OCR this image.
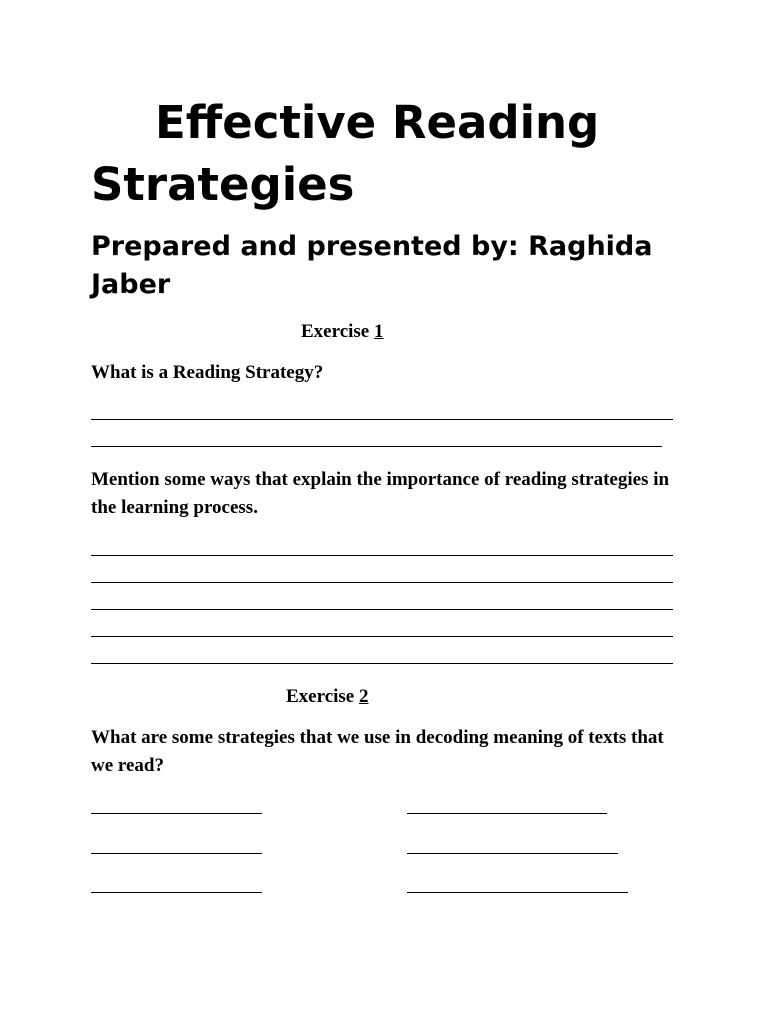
Effective Reading Strategies
Prepared and presented by: Raghida Jaber

Exercise 1

What is a Reading Strategy?

Mention some ways that explain the importance of reading strategies in the learning process.

Exercise 2

What are some strategies that we use in decoding meaning of texts that we read?
